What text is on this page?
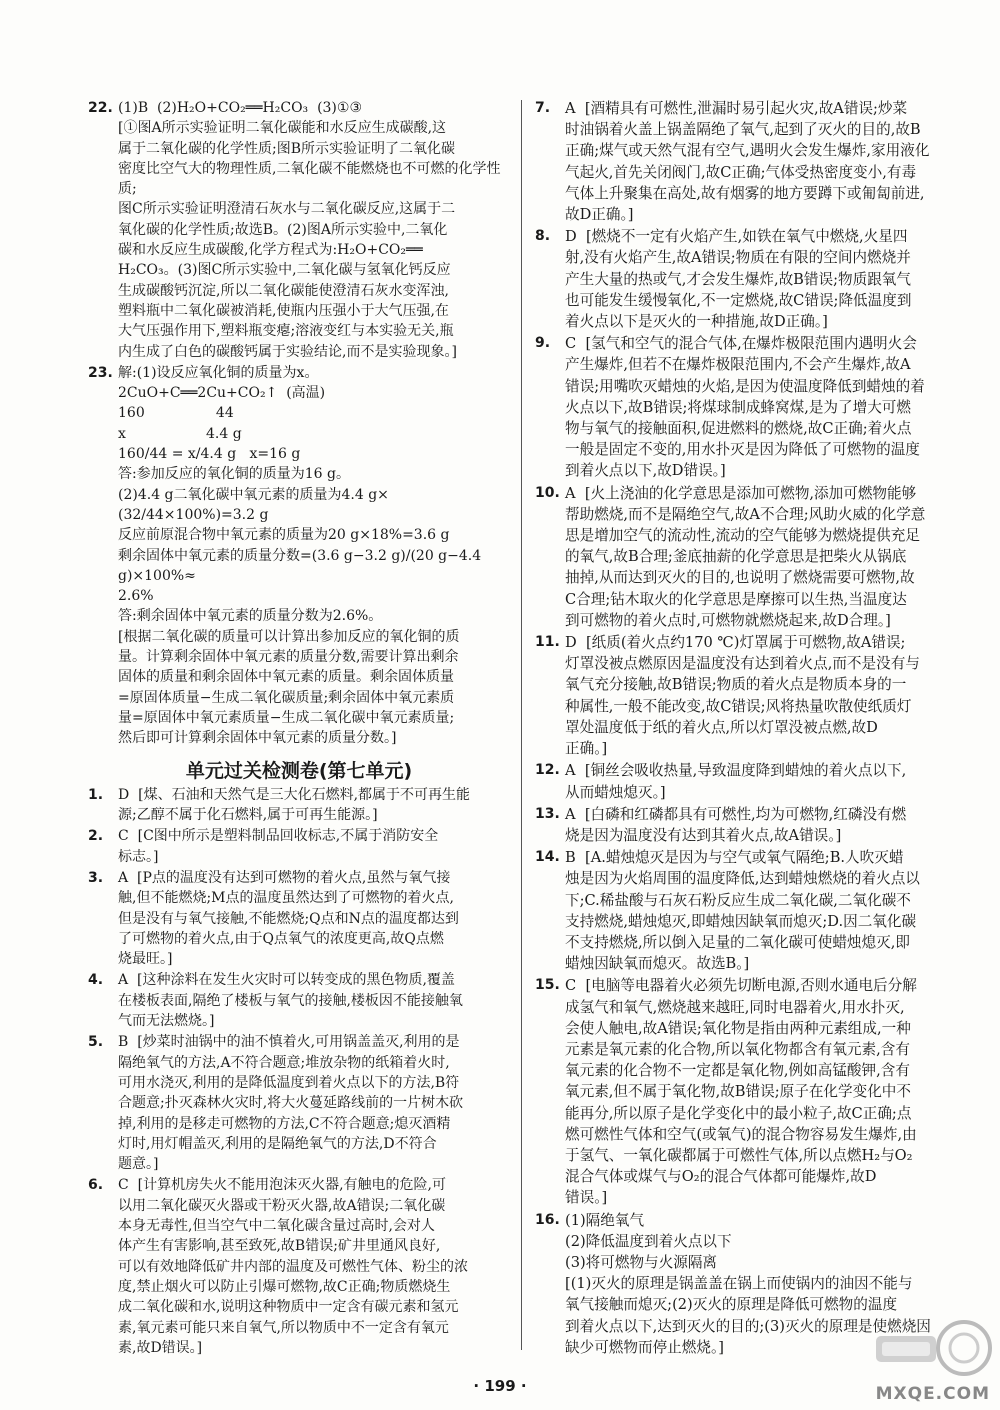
22. (1)B  (2)H₂O+CO₂══H₂CO₃  (3)①③
[①图A所示实验证明二氧化碳能和水反应生成碳酸,这
属于二氧化碳的化学性质;图B所示实验证明了二氧化碳
密度比空气大的物理性质,二氧化碳不能燃烧也不可燃的化学性质;
图C所示实验证明澄清石灰水与二氧化碳反应,这属于二
氧化碳的化学性质;故选B。(2)图A所示实验中,二氧化
碳和水反应生成碳酸,化学方程式为:H₂O+CO₂══
H₂CO₃。(3)图C所示实验中,二氧化碳与氢氧化钙反应
生成碳酸钙沉淀,所以二氧化碳能使澄清石灰水变浑浊,
塑料瓶中二氧化碳被消耗,使瓶内压强小于大气压强,在
大气压强作用下,塑料瓶变瘪;溶液变红与本实验无关,瓶
内生成了白色的碳酸钙属于实验结论,而不是实验现象。]
23. 解:(1)设反应氧化铜的质量为x。
2CuO+C══2Cu+CO₂↑  (高温)
160                44
x                  4.4 g
160/44 = x/4.4 g   x=16 g
答:参加反应的氧化铜的质量为16 g。
(2)4.4 g二氧化碳中氧元素的质量为4.4 g×
(32/44×100%)=3.2 g
反应前原混合物中氧元素的质量为20 g×18%=3.6 g
剩余固体中氧元素的质量分数=(3.6 g−3.2 g)/(20 g−4.4 g)×100%≈
2.6%
答:剩余固体中氧元素的质量分数为2.6%。
[根据二氧化碳的质量可以计算出参加反应的氧化铜的质
量。计算剩余固体中氧元素的质量分数,需要计算出剩余
固体的质量和剩余固体中氧元素的质量。剩余固体质量
=原固体质量−生成二氧化碳质量;剩余固体中氧元素质
量=原固体中氧元素质量−生成二氧化碳中氧元素质量;
然后即可计算剩余固体中氧元素的质量分数。]
单元过关检测卷(第七单元)
1. D  [煤、石油和天然气是三大化石燃料,都属于不可再生能
源;乙醇不属于化石燃料,属于可再生能源。]
2. C  [C图中所示是塑料制品回收标志,不属于消防安全
标志。]
3. A  [P点的温度没有达到可燃物的着火点,虽然与氧气接
触,但不能燃烧;M点的温度虽然达到了可燃物的着火点,
但是没有与氧气接触,不能燃烧;Q点和N点的温度都达到
了可燃物的着火点,由于Q点氧气的浓度更高,故Q点燃
烧最旺。]
4. A  [这种涂料在发生火灾时可以转变成的黑色物质,覆盖
在楼板表面,隔绝了楼板与氧气的接触,楼板因不能接触氧
气而无法燃烧。]
5. B  [炒菜时油锅中的油不慎着火,可用锅盖盖灭,利用的是
隔绝氧气的方法,A不符合题意;堆放杂物的纸箱着火时,
可用水浇灭,利用的是降低温度到着火点以下的方法,B符
合题意;扑灭森林火灾时,将大火蔓延路线前的一片树木砍
掉,利用的是移走可燃物的方法,C不符合题意;熄灭酒精
灯时,用灯帽盖灭,利用的是隔绝氧气的方法,D不符合
题意。]
6. C  [计算机房失火不能用泡沫灭火器,有触电的危险,可
以用二氧化碳灭火器或干粉灭火器,故A错误;二氧化碳
本身无毒性,但当空气中二氧化碳含量过高时,会对人
体产生有害影响,甚至致死,故B错误;矿井里通风良好,
可以有效地降低矿井内部的温度及可燃性气体、粉尘的浓
度,禁止烟火可以防止引爆可燃物,故C正确;物质燃烧生
成二氧化碳和水,说明这种物质中一定含有碳元素和氢元
素,氧元素可能只来自氧气,所以物质中不一定含有氧元
素,故D错误。]
7. A  [酒精具有可燃性,泄漏时易引起火灾,故A错误;炒菜
时油锅着火盖上锅盖隔绝了氧气,起到了灭火的目的,故B
正确;煤气或天然气混有空气,遇明火会发生爆炸,家用液化
气起火,首先关闭阀门,故C正确;气体受热密度变小,有毒
气体上升聚集在高处,故有烟雾的地方要蹲下或匍匐前进,
故D正确。]
8. D  [燃烧不一定有火焰产生,如铁在氧气中燃烧,火星四
射,没有火焰产生,故A错误;物质在有限的空间内燃烧并
产生大量的热或气,才会发生爆炸,故B错误;物质跟氧气
也可能发生缓慢氧化,不一定燃烧,故C错误;降低温度到
着火点以下是灭火的一种措施,故D正确。]
9. C  [氢气和空气的混合气体,在爆炸极限范围内遇明火会
产生爆炸,但若不在爆炸极限范围内,不会产生爆炸,故A
错误;用嘴吹灭蜡烛的火焰,是因为使温度降低到蜡烛的着
火点以下,故B错误;将煤球制成蜂窝煤,是为了增大可燃
物与氧气的接触面积,促进燃料的燃烧,故C正确;着火点
一般是固定不变的,用水扑灭是因为降低了可燃物的温度
到着火点以下,故D错误。]
10. A  [火上浇油的化学意思是添加可燃物,添加可燃物能够
帮助燃烧,而不是隔绝空气,故A不合理;风助火威的化学意
思是增加空气的流动性,流动的空气能够为燃烧提供充足
的氧气,故B合理;釜底抽薪的化学意思是把柴火从锅底
抽掉,从而达到灭火的目的,也说明了燃烧需要可燃物,故
C合理;钻木取火的化学意思是摩擦可以生热,当温度达
到可燃物的着火点时,可燃物就燃烧起来,故D合理。]
11. D  [纸质(着火点约170 ℃)灯罩属于可燃物,故A错误;
灯罩没被点燃原因是温度没有达到着火点,而不是没有与
氧气充分接触,故B错误;物质的着火点是物质本身的一
种属性,一般不能改变,故C错误;风将热量吹散使纸质灯
罩处温度低于纸的着火点,所以灯罩没被点燃,故D
正确。]
12. A  [铜丝会吸收热量,导致温度降到蜡烛的着火点以下,
从而蜡烛熄灭。]
13. A  [白磷和红磷都具有可燃性,均为可燃物,红磷没有燃
烧是因为温度没有达到其着火点,故A错误。]
14. B  [A.蜡烛熄灭是因为与空气或氧气隔绝;B.人吹灭蜡
烛是因为火焰周围的温度降低,达到蜡烛燃烧的着火点以
下;C.稀盐酸与石灰石粉反应生成二氧化碳,二氧化碳不
支持燃烧,蜡烛熄灭,即蜡烛因缺氧而熄灭;D.因二氧化碳
不支持燃烧,所以倒入足量的二氧化碳可使蜡烛熄灭,即
蜡烛因缺氧而熄灭。故选B。]
15. C  [电脑等电器着火必须先切断电源,否则水通电后分解
成氢气和氧气,燃烧越来越旺,同时电器着火,用水扑灭,
会使人触电,故A错误;氧化物是指由两种元素组成,一种
元素是氧元素的化合物,所以氧化物都含有氧元素,含有
氧元素的化合物不一定都是氧化物,例如高锰酸钾,含有
氧元素,但不属于氧化物,故B错误;原子在化学变化中不
能再分,所以原子是化学变化中的最小粒子,故C正确;点
燃可燃性气体和空气(或氧气)的混合物容易发生爆炸,由
于氢气、一氧化碳都属于可燃性气体,所以点燃H₂与O₂
混合气体或煤气与O₂的混合气体都可能爆炸,故D
错误。]
16. (1)隔绝氧气
(2)降低温度到着火点以下
(3)将可燃物与火源隔离
[(1)灭火的原理是锅盖盖在锅上而使锅内的油因不能与
氧气接触而熄灭;(2)灭火的原理是降低可燃物的温度
到着火点以下,达到灭火的目的;(3)灭火的原理是使燃烧因
缺少可燃物而停止燃烧。]
· 199 ·	MXQE.COM
